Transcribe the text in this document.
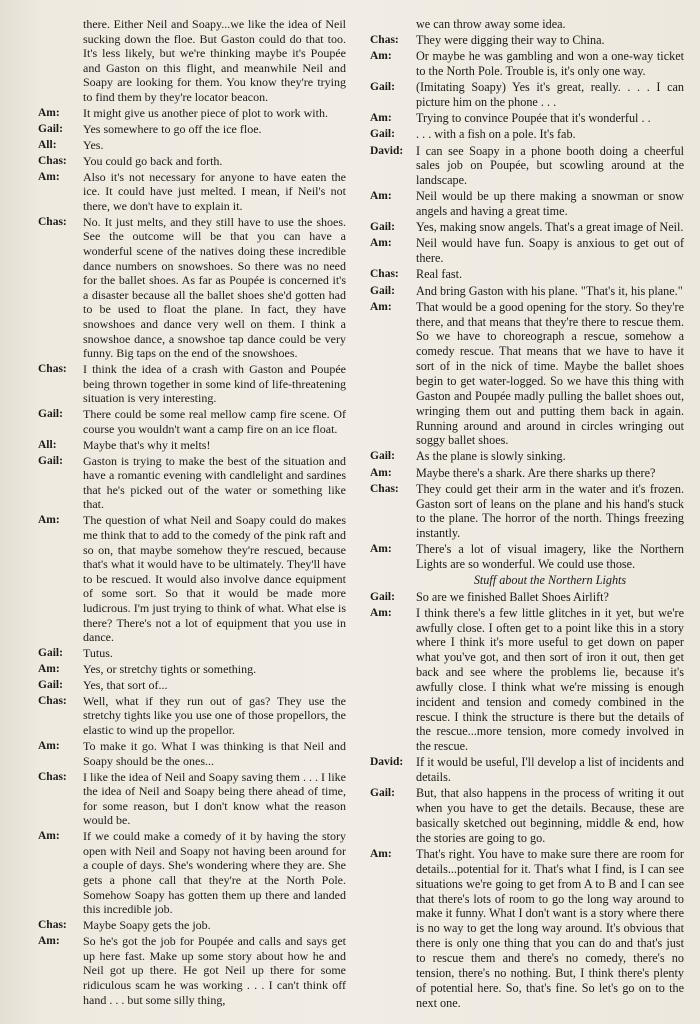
there. Either Neil and Soapy...we like the idea of Neil sucking down the floe. But Gaston could do that too. It's less likely, but we're thinking maybe it's Poupée and Gaston on this flight, and meanwhile Neil and Soapy are looking for them. You know they're trying to find them by they're locator beacon.
Am:	It might give us another piece of plot to work with.
Gail:	Yes somewhere to go off the ice floe.
All:	Yes.
Chas:	You could go back and forth.
Am:	Also it's not necessary for anyone to have eaten the ice. It could have just melted. I mean, if Neil's not there, we don't have to explain it.
Chas:	No. It just melts, and they still have to use the shoes. See the outcome will be that you can have a wonderful scene of the natives doing these incredible dance numbers on snowshoes. So there was no need for the ballet shoes. As far as Poupée is concerned it's a disaster because all the ballet shoes she'd gotten had to be used to float the plane. In fact, they have snowshoes and dance very well on them. I think a snowshoe dance, a snowshoe tap dance could be very funny. Big taps on the end of the snowshoes.
Chas:	I think the idea of a crash with Gaston and Poupée being thrown together in some kind of life-threatening situation is very interesting.
Gail:	There could be some real mellow camp fire scene. Of course you wouldn't want a camp fire on an ice float.
All:	Maybe that's why it melts!
Gail:	Gaston is trying to make the best of the situation and have a romantic evening with candlelight and sardines that he's picked out of the water or something like that.
Am:	The question of what Neil and Soapy could do makes me think that to add to the comedy of the pink raft and so on, that maybe somehow they're rescued, because that's what it would have to be ultimately. They'll have to be rescued. It would also involve dance equipment of some sort. So that it would be made more ludicrous. I'm just trying to think of what. What else is there? There's not a lot of equipment that you use in dance.
Gail:	Tutus.
Am:	Yes, or stretchy tights or something.
Gail:	Yes, that sort of...
Chas:	Well, what if they run out of gas? They use the stretchy tights like you use one of those propellors, the elastic to wind up the propellor.
Am:	To make it go. What I was thinking is that Neil and Soapy should be the ones...
Chas:	I like the idea of Neil and Soapy saving them . . . I like the idea of Neil and Soapy being there ahead of time, for some reason, but I don't know what the reason would be.
Am:	If we could make a comedy of it by having the story open with Neil and Soapy not having been around for a couple of days. She's wondering where they are. She gets a phone call that they're at the North Pole. Somehow Soapy has gotten them up there and landed this incredible job.
Chas:	Maybe Soapy gets the job.
Am:	So he's got the job for Poupée and calls and says get up here fast. Make up some story about how he and Neil got up there. He got Neil up there for some ridiculous scam he was working . . . I can't think off hand . . . but some silly thing,
we can throw away some idea.
Chas:	They were digging their way to China.
Am:	Or maybe he was gambling and won a one-way ticket to the North Pole. Trouble is, it's only one way.
Gail:	(Imitating Soapy) Yes it's great, really. . . . I can picture him on the phone . . .
Am:	Trying to convince Poupée that it's wonderful . .
Gail:	. . . with a fish on a pole. It's fab.
David:	I can see Soapy in a phone booth doing a cheerful sales job on Poupée, but scowling around at the landscape.
Am:	Neil would be up there making a snowman or snow angels and having a great time.
Gail:	Yes, making snow angels. That's a great image of Neil.
Am:	Neil would have fun. Soapy is anxious to get out of there.
Chas:	Real fast.
Gail:	And bring Gaston with his plane. "That's it, his plane."
Am:	That would be a good opening for the story. So they're there, and that means that they're there to rescue them. So we have to choreograph a rescue, somehow a comedy rescue. That means that we have to have it sort of in the nick of time. Maybe the ballet shoes begin to get water-logged. So we have this thing with Gaston and Poupée madly pulling the ballet shoes out, wringing them out and putting them back in again. Running around and around in circles wringing out soggy ballet shoes.
Gail:	As the plane is slowly sinking.
Am:	Maybe there's a shark. Are there sharks up there?
Chas:	They could get their arm in the water and it's frozen. Gaston sort of leans on the plane and his hand's stuck to the plane. The horror of the north. Things freezing instantly.
Am:	There's a lot of visual imagery, like the Northern Lights are so wonderful. We could use those.
Stuff about the Northern Lights
Gail:	So are we finished Ballet Shoes Airlift?
Am:	I think there's a few little glitches in it yet, but we're awfully close. I often get to a point like this in a story where I think it's more useful to get down on paper what you've got, and then sort of iron it out, then get back and see where the problems lie, because it's awfully close. I think what we're missing is enough incident and tension and comedy combined in the rescue. I think the structure is there but the details of the rescue...more tension, more comedy involved in the rescue.
David:	If it would be useful, I'll develop a list of incidents and details.
Gail:	But, that also happens in the process of writing it out when you have to get the details. Because, these are basically sketched out beginning, middle & end, how the stories are going to go.
Am:	That's right. You have to make sure there are room for details...potential for it. That's what I find, is I can see situations we're going to get from A to B and I can see that there's lots of room to go the long way around to make it funny. What I don't want is a story where there is no way to get the long way around. It's obvious that there is only one thing that you can do and that's just to rescue them and there's no comedy, there's no tension, there's no nothing. But, I think there's plenty of potential here. So, that's fine. So let's go on to the next one.
